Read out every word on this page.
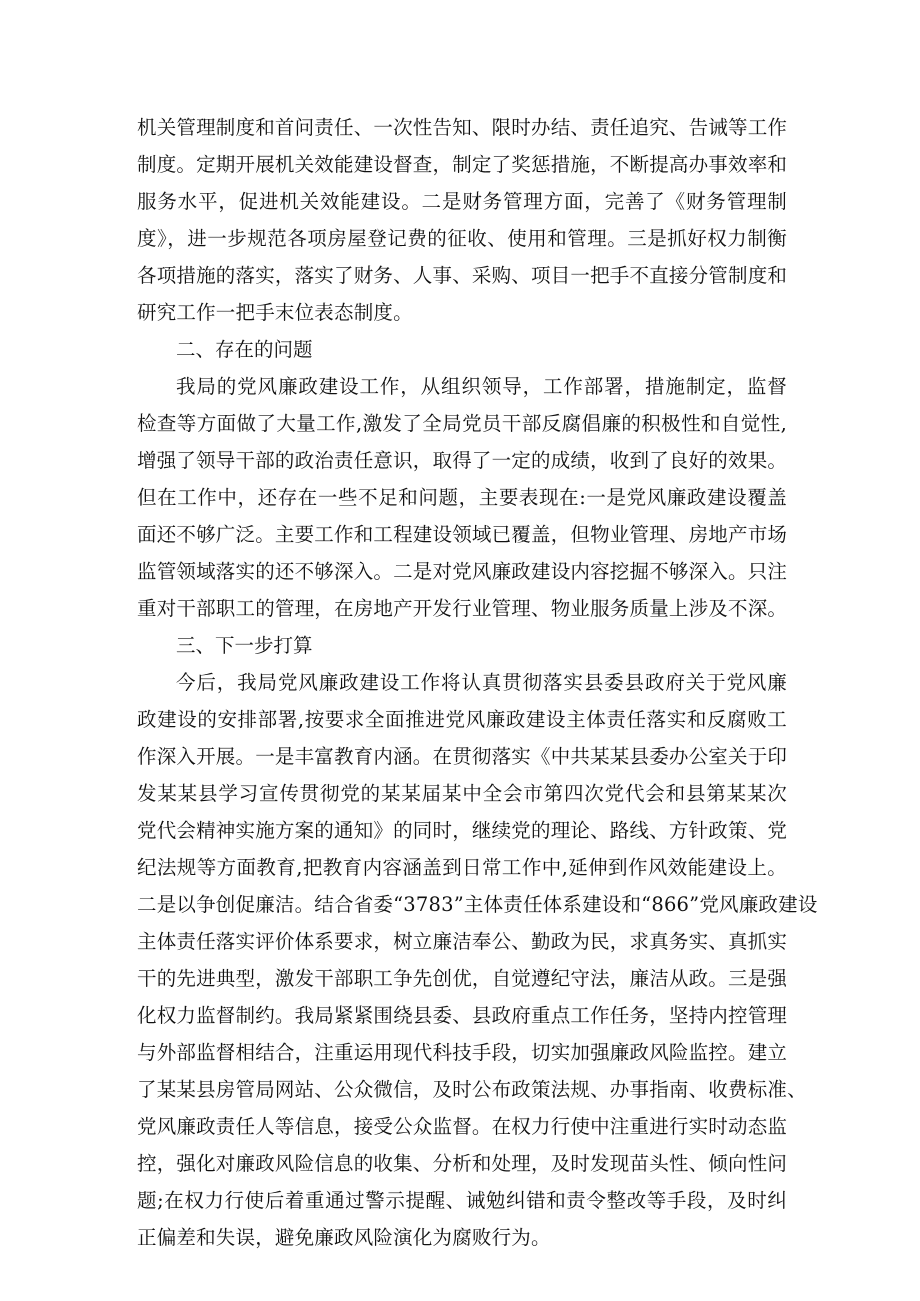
机关管理制度和首问责任、一次性告知、限时办结、责任追究、告诫等工作
制度。定期开展机关效能建设督查，制定了奖惩措施，不断提高办事效率和
服务水平，促进机关效能建设。二是财务管理方面，完善了《财务管理制
度》，进一步规范各项房屋登记费的征收、使用和管理。三是抓好权力制衡
各项措施的落实，落实了财务、人事、采购、项目一把手不直接分管制度和
研究工作一把手末位表态制度。
二、存在的问题
我局的党风廉政建设工作，从组织领导，工作部署，措施制定，监督
检查等方面做了大量工作,激发了全局党员干部反腐倡廉的积极性和自觉性,
增强了领导干部的政治责任意识，取得了一定的成绩，收到了良好的效果。
但在工作中，还存在一些不足和问题，主要表现在:一是党风廉政建设覆盖
面还不够广泛。主要工作和工程建设领域已覆盖，但物业管理、房地产市场
监管领域落实的还不够深入。二是对党风廉政建设内容挖掘不够深入。只注
重对干部职工的管理，在房地产开发行业管理、物业服务质量上涉及不深。
三、下一步打算
今后，我局党风廉政建设工作将认真贯彻落实县委县政府关于党风廉
政建设的安排部署,按要求全面推进党风廉政建设主体责任落实和反腐败工
作深入开展。一是丰富教育内涵。在贯彻落实《中共某某县委办公室关于印
发某某县学习宣传贯彻党的某某届某中全会市第四次党代会和县第某某次
党代会精神实施方案的通知》的同时，继续党的理论、路线、方针政策、党
纪法规等方面教育,把教育内容涵盖到日常工作中,延伸到作风效能建设上。
二是以争创促廉洁。结合省委“3783”主体责任体系建设和“866”党风廉政建设
主体责任落实评价体系要求，树立廉洁奉公、勤政为民，求真务实、真抓实
干的先进典型，激发干部职工争先创优，自觉遵纪守法，廉洁从政。三是强
化权力监督制约。我局紧紧围绕县委、县政府重点工作任务，坚持内控管理
与外部监督相结合，注重运用现代科技手段，切实加强廉政风险监控。建立
了某某县房管局网站、公众微信，及时公布政策法规、办事指南、收费标准、
党风廉政责任人等信息，接受公众监督。在权力行使中注重进行实时动态监
控，强化对廉政风险信息的收集、分析和处理，及时发现苗头性、倾向性问
题;在权力行使后着重通过警示提醒、诫勉纠错和责令整改等手段，及时纠
正偏差和失误，避免廉政风险演化为腐败行为。
